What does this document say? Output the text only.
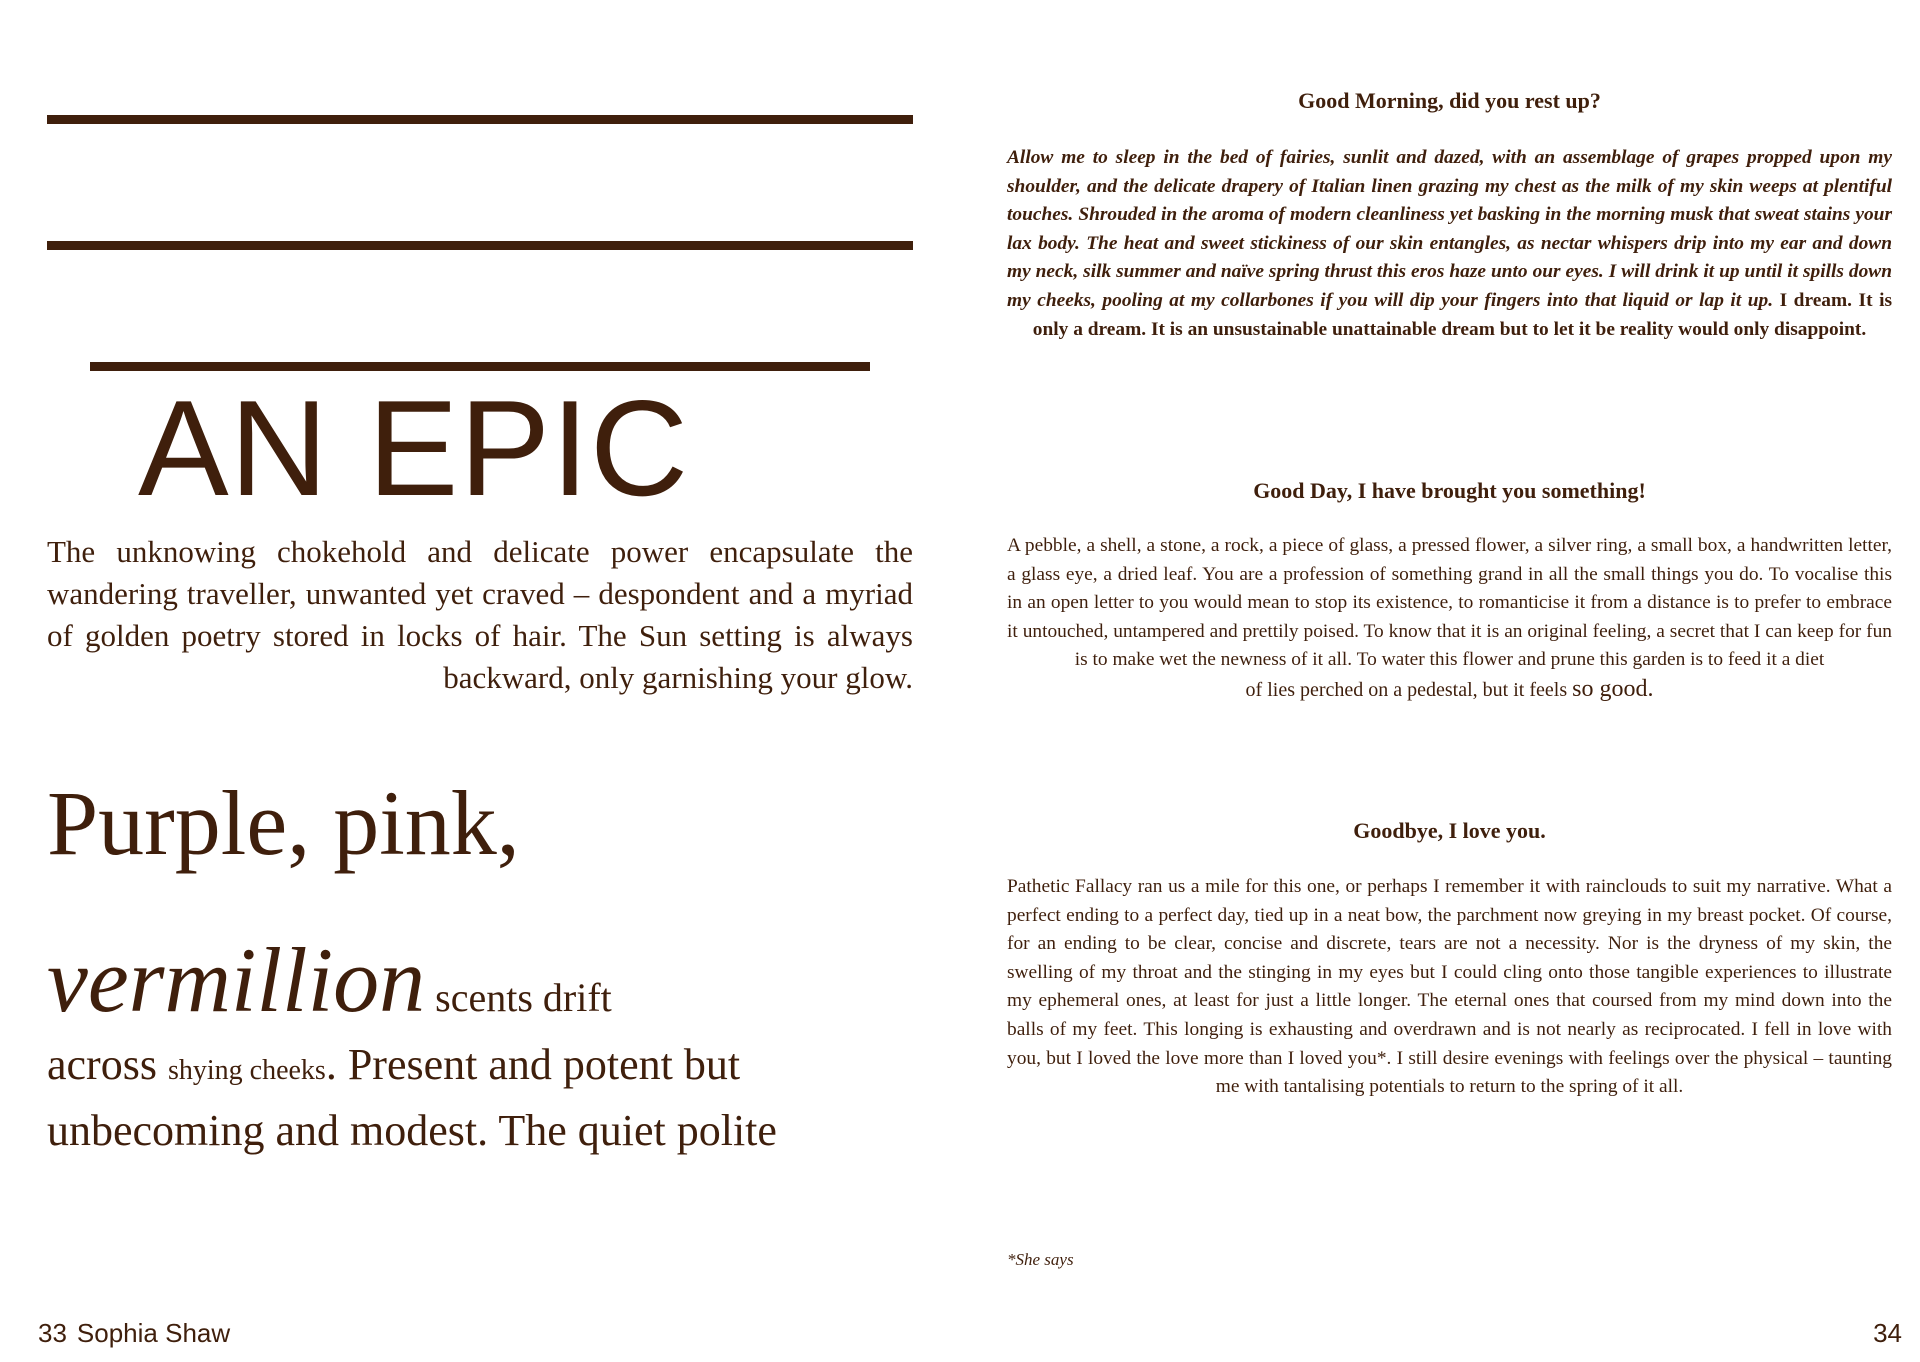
AN EPIC

The unknowing chokehold and delicate power encapsulate the wandering traveller, unwanted yet craved – despondent and a myriad of golden poetry stored in locks of hair. The Sun setting is always backward, only garnishing your glow.

Purple, pink,

vermillion scents drift

across shying cheeks. Present and potent but unbecoming and modest. The quiet polite

33 Sophia Shaw
Good Morning, did you rest up?

Allow me to sleep in the bed of fairies, sunlit and dazed, with an assemblage of grapes propped upon my shoulder, and the delicate drapery of Italian linen grazing my chest as the milk of my skin weeps at plentiful touches. Shrouded in the aroma of modern cleanliness yet basking in the morning musk that sweat stains your lax body. The heat and sweet stickiness of our skin entangles, as nectar whispers drip into my ear and down my neck, silk summer and naïve spring thrust this eros haze unto our eyes. I will drink it up until it spills down my cheeks, pooling at my collarbones if you will dip your fingers into that liquid or lap it up. I dream. It is only a dream. It is an unsustainable unattainable dream but to let it be reality would only disappoint.

Good Day, I have brought you something!

A pebble, a shell, a stone, a rock, a piece of glass, a pressed flower, a silver ring, a small box, a handwritten letter, a glass eye, a dried leaf. You are a profession of something grand in all the small things you do. To vocalise this in an open letter to you would mean to stop its existence, to romanticise it from a distance is to prefer to embrace it untouched, untampered and prettily poised. To know that it is an original feeling, a secret that I can keep for fun is to make wet the newness of it all. To water this flower and prune this garden is to feed it a diet
of lies perched on a pedestal, but it feels so good.

Goodbye, I love you.

Pathetic Fallacy ran us a mile for this one, or perhaps I remember it with rainclouds to suit my narrative. What a perfect ending to a perfect day, tied up in a neat bow, the parchment now greying in my breast pocket. Of course, for an ending to be clear, concise and discrete, tears are not a necessity. Nor is the dryness of my skin, the swelling of my throat and the stinging in my eyes but I could cling onto those tangible experiences to illustrate my ephemeral ones, at least for just a little longer. The eternal ones that coursed from my mind down into the balls of my feet. This longing is exhausting and overdrawn and is not nearly as reciprocated. I fell in love with you, but I loved the love more than I loved you*. I still desire evenings with feelings over the physical – taunting me with tantalising potentials to return to the spring of it all.

*She says

34
